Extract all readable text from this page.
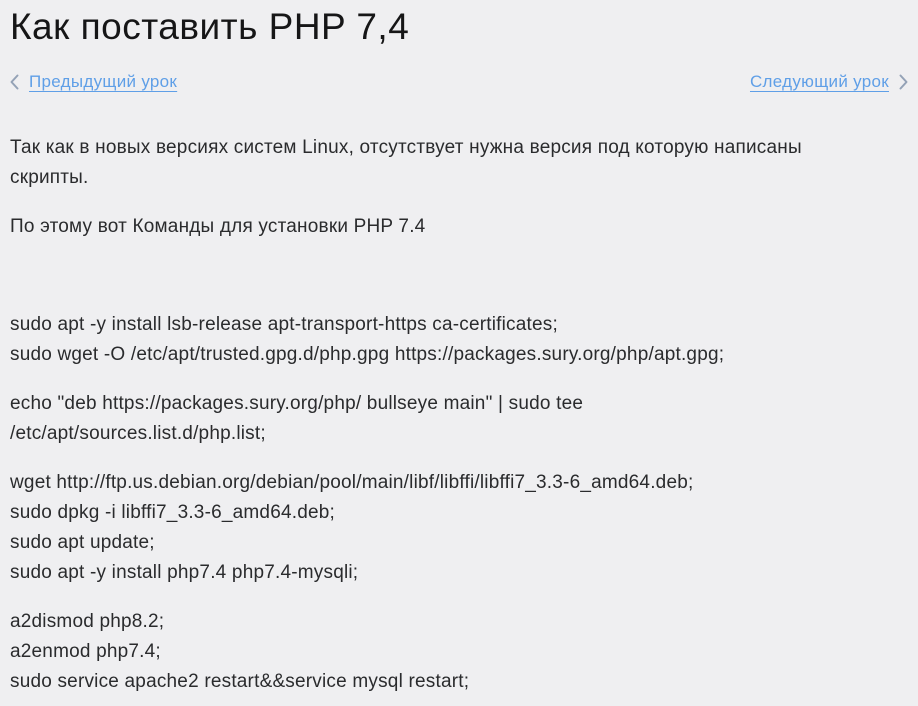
Как поставить PHP 7,4
Предыдущий урок	Следующий урок

Так как в новых версиях систем Linux, отсутствует нужна версия под которую написаны
скрипты.

По этому вот Команды для установки PHP 7.4

sudo apt -y install lsb-release apt-transport-https ca-certificates;
sudo wget -O /etc/apt/trusted.gpg.d/php.gpg https://packages.sury.org/php/apt.gpg;

echo "deb https://packages.sury.org/php/ bullseye main" | sudo tee
/etc/apt/sources.list.d/php.list;

wget http://ftp.us.debian.org/debian/pool/main/libf/libffi/libffi7_3.3-6_amd64.deb;
sudo dpkg -i libffi7_3.3-6_amd64.deb;
sudo apt update;
sudo apt -y install php7.4 php7.4-mysqli;

a2dismod php8.2;
a2enmod php7.4;
sudo service apache2 restart&&service mysql restart;
